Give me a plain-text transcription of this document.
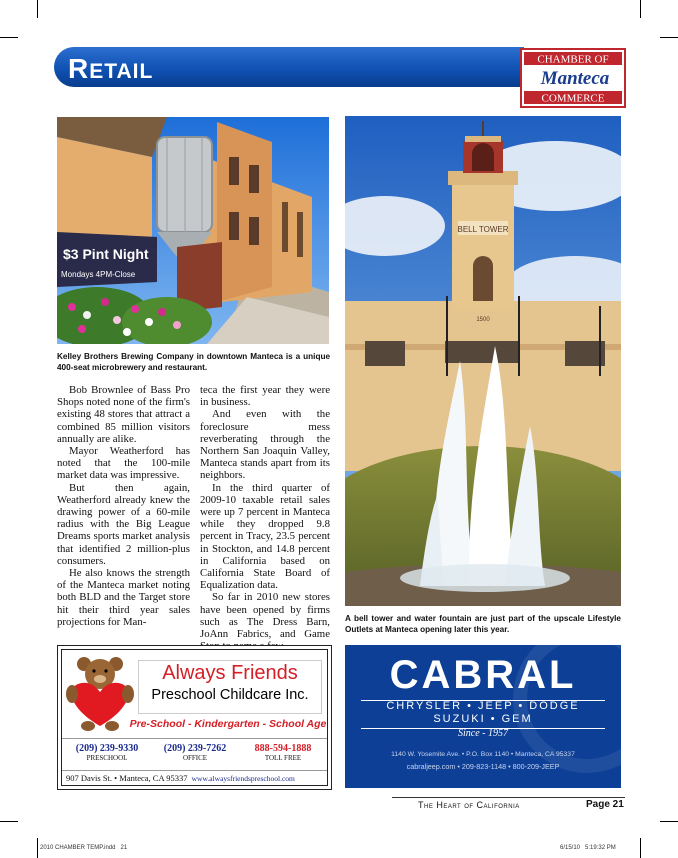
RETAIL
CHAMBER OF
Manteca
COMMERCE
$3 Pint Night
Mondays 4PM-Close
Kelley Brothers Brewing Company in downtown Manteca is a unique 400-seat microbrewery and restaurant.
BELL TOWER
1500
A bell tower and water fountain are just part of the upscale Lifestyle Outlets at Manteca opening later this year.

Bob Brownlee of Bass Pro Shops noted none of the firm's existing 48 stores that attract a combined 85 million visitors annually are alike.

Mayor Weatherford has noted that the 100-mile market data was impressive.

But then again, Weatherford already knew the drawing power of a 60-mile radius with the Big League Dreams sports market analysis that identified 2 million-plus consumers.

He also knows the strength of the Manteca market noting both BLD and the Target store hit their third year sales projections for Man-

teca the first year they were in business.

And even with the foreclosure mess reverberating through the Northern San Joaquin Valley, Manteca stands apart from its neighbors.

In the third quarter of 2009-10 taxable retail sales were up 7 percent in Manteca while they dropped 9.8 percent in Tracy, 23.5 percent in Stockton, and 14.8 percent in California based on California State Board of Equalization data.

So far in 2010 new stores have been opened by firms such as The Dress Barn, JoAnn Fabrics, and Game

Always Friends
Preschool Childcare Inc.
Pre-School - Kindergarten - School Age
(209) 239-9330
PRESCHOOL
(209) 239-7262
OFFICE
888-594-1888
TOLL FREE
907 Davis St. • Manteca, CA 95337 www.alwaysfriendspreschool.com
CABRAL
CHRYSLER • JEEP • DODGE
SUZUKI • GEM
Since - 1957
1140 W. Yosemite Ave. • P.O. Box 1140 • Manteca, CA 95337
cabraljeep.com • 209-823-1148 • 800-209-JEEP
The Heart of California	Page 21
2010 CHAMBER TEMP.indd   21	6/15/10   5:19:32 PM
